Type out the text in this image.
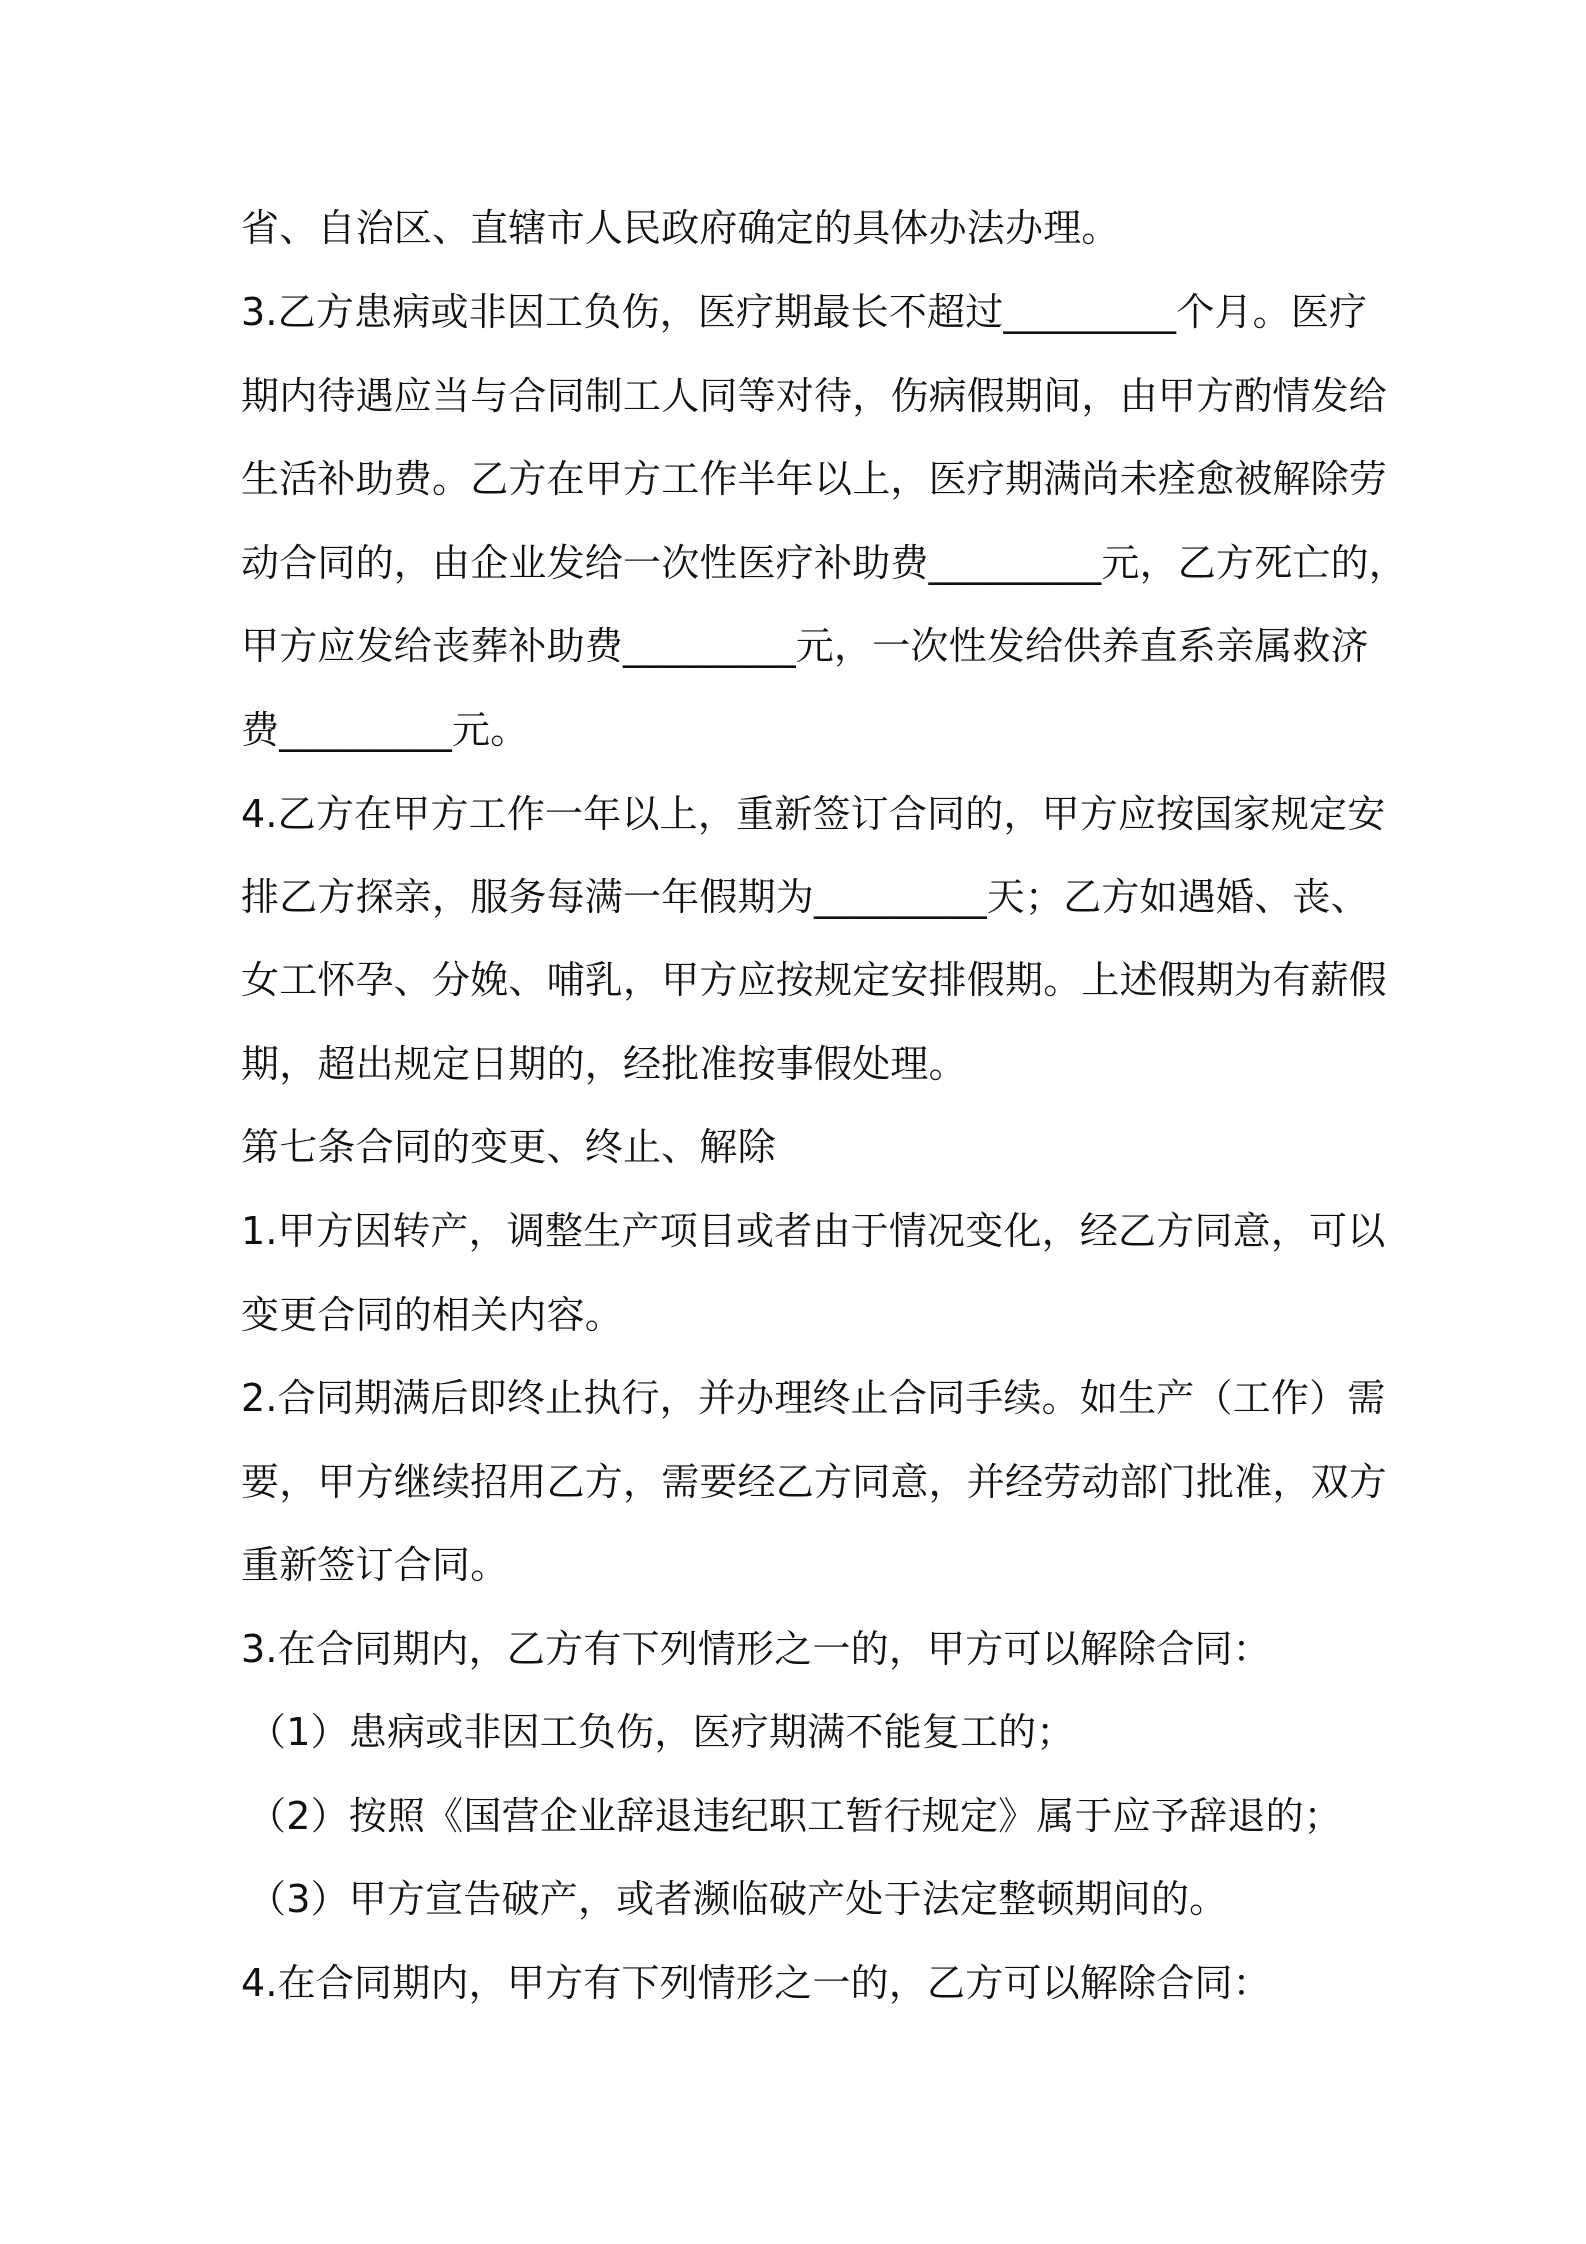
省、自治区、直辖市人民政府确定的具体办法办理。
3.乙方患病或非因工负伤，医疗期最长不超过_________个月。医疗
期内待遇应当与合同制工人同等对待，伤病假期间，由甲方酌情发给
生活补助费。乙方在甲方工作半年以上，医疗期满尚未痊愈被解除劳
动合同的，由企业发给一次性医疗补助费_________元，乙方死亡的，
甲方应发给丧葬补助费_________元，一次性发给供养直系亲属救济
费_________元。
4.乙方在甲方工作一年以上，重新签订合同的，甲方应按国家规定安
排乙方探亲，服务每满一年假期为_________天；乙方如遇婚、丧、
女工怀孕、分娩、哺乳，甲方应按规定安排假期。上述假期为有薪假
期，超出规定日期的，经批准按事假处理。
第七条合同的变更、终止、解除
1.甲方因转产，调整生产项目或者由于情况变化，经乙方同意，可以
变更合同的相关内容。
2.合同期满后即终止执行，并办理终止合同手续。如生产（工作）需
要，甲方继续招用乙方，需要经乙方同意，并经劳动部门批准，双方
重新签订合同。
3.在合同期内，乙方有下列情形之一的，甲方可以解除合同：
（1）患病或非因工负伤，医疗期满不能复工的；
（2）按照《国营企业辞退违纪职工暂行规定》属于应予辞退的；
（3）甲方宣告破产，或者濒临破产处于法定整顿期间的。
4.在合同期内，甲方有下列情形之一的，乙方可以解除合同：
